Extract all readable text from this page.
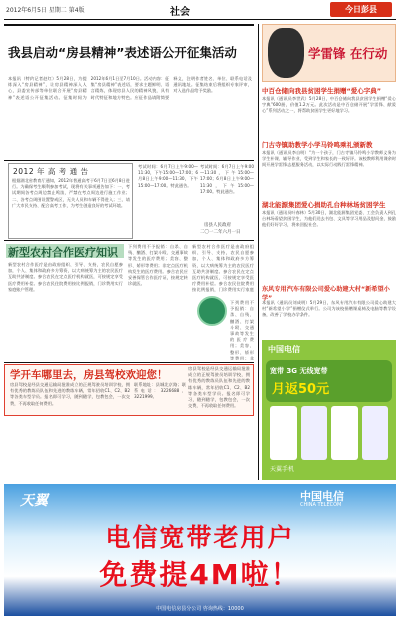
2012年6月5日 星期二 第4版	社会	今日彭县
我县启动“房县精神”表述语公开征集活动
本报讯（特约记者赵红）5月28日，为提炼深入“房县精神”，让房县精神深入人心，县委宣传部等单位联合开展“房县精神”表述语公开征集活动。征集时间为2012年6月1日至7月10日。活动内容：征集“房县精神”表述语，要求主题鲜明、语言精炼，体现房县人民的精神风貌，具有时代特征和地方特色。应征作品请附简要释义，注明作者姓名、单位、联系电话及通讯地址。征集结束后将组织专家评审，对入选作品给予奖励。
2012 年 高 考 通 告
根据湖北省教育厅通知，2012年普通高考于6月7日至6月8日进行。为确保考生顺利参加考试，现将有关事项通告如下：一、考试期间各考点周边禁止鸣笛，严禁在考点周边进行施工作业；二、各考点周围设置警戒区，无关人员和车辆不得进入；三、请广大市民支持、配合高考工作，为考生创造良好的考试环境。
考试时间：6月7日上午9:00—11:30，下午15:00—17:00；6月8日上午9:00—11:30，下午15:00—17:00。特此通告。
考试时间：6月7日上午9:00—11:30，下午15:00—17:00；6月8日上午9:00—11:30，下午15:00—17:00。特此通告。
房县人民政府
二〇一二年六月一日
新型农村合作医疗知识
新型农村合作医疗是由政府组织、引导、支持，农民自愿参加，个人、集体和政府多方筹资，以大病统筹为主的农民医疗互助共济制度。参合农民在定点医疗机构就医，可按规定享受医疗费用补偿。参合农民住院费用按比例报销，门诊费用实行家庭账户管理。
下列费用不予报销：自杀、自残、酗酒、打架斗殴、交通事故等发生的医疗费用；美容、整形、矫形等费用；非定点医疗机构发生的医疗费用。参合农民应妥善保管合作医疗证，按规定转诊就医。
新型农村合作医疗是由政府组织、引导、支持，农民自愿参加，个人、集体和政府多方筹资，以大病统筹为主的农民医疗互助共济制度。参合农民在定点医疗机构就医，可按规定享受医疗费用补偿。参合农民住院费用按比例报销，门诊费用实行家庭
下列费用不予报销：自杀、自残、酗酒、打架斗殴、交通事故等发生的医疗费用；美容、整形、矫形等费用；非
学开车哪里去，房县驾校欢迎您！
房县驾校是经县交通运输局批准成立的正规驾驶员培训学校，拥有优秀的教练员队伍和先进的教练车辆，常年招收C1、C2、B2等各类车型学员。报名即可学习，随到随学，包教包会，一次交费，不再收取任何费用。
联系地址：县城北京路；联系电话：3226688、3221999。
房县驾校是经县交通运输局批准成立的正规驾驶员培训学校，拥有优秀的教练员队伍和先进的教练车辆，常年招收C1、C2、B2等各类车型学员。报名即可学习，随到随学，包教包会，一次交费，不再收取任何费用。
学雷锋 在行动
中百仓储向我县贫困学生捐赠“爱心字典”
本报讯（通讯员李世武）5月28日，中百仓储向我县贫困学生捐赠“爱心字典”600册，价值1.2万元。此次活动是中百仓储开展“学雷锋、献爱心”系列活动之一，将帮助贫困学生更好地学习。
门古寺镇助教学小学马铃鸣乘礼颁新教
本报讯（通讯员李自明）“为一个孩子，门古寺镇马铃鸣小学教师义务为学生补课、辅导作业，受到学生和家长的一致好评。该校教师利用课余时间开展学雷锋志愿服务活动，以实际行动践行雷锋精神。
湖北能源集团爱心捐助孔台种林场贫困学生
本报讯（通讯员叶春林）5月30日，湖北能源集团党委、工会负责人到孔台林场看望贫困学生，为他们送去书包、文具等学习用品及慰问金，鼓励他们好好学习，将来回报社会。
东风专用汽车有限公司爱心助建大村“新希望小学”
本报讯（通讯员刘成明）5月29日，东风专用汽车有限公司爱心助建大村“新希望小学”捐赠仪式举行。公司为该校捐赠课桌椅及电脑等教学设备，改善了学校办学条件。
中国电信
宽带 3G 无线宽带
月返50元
天翼手机
天翼	中国电信
CHINA TELECOM
电信宽带老用户
免费提4M啦！
中国电信房县分公司 咨询热线：10000
